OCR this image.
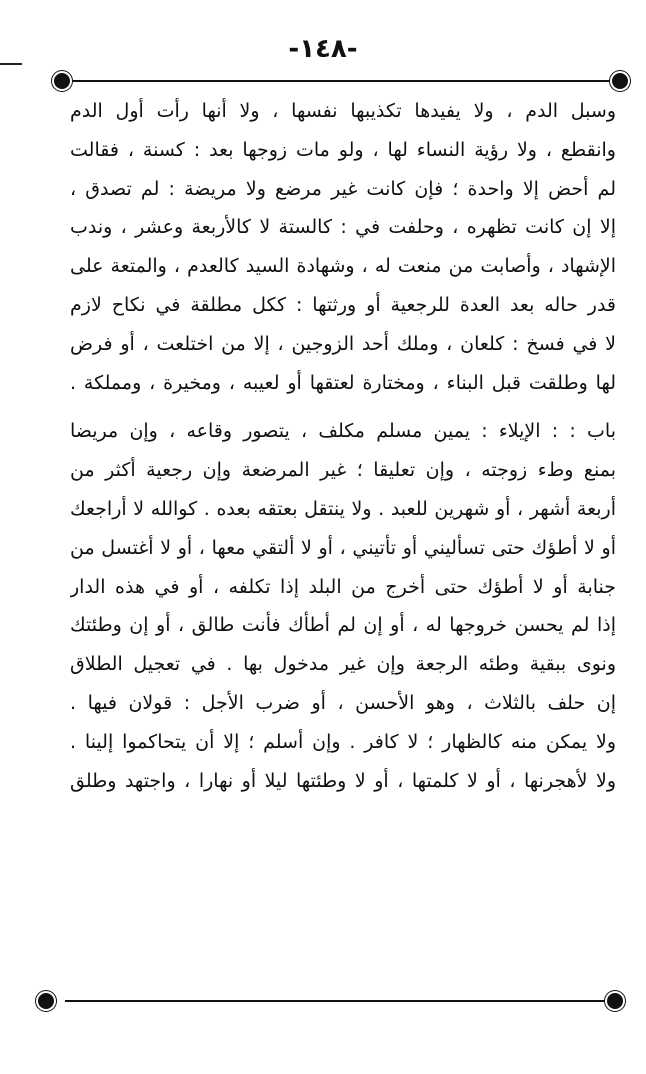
-١٤٨-
وسبل الدم ، ولا يفيدها تكذيبها نفسها ، ولا أنها رأت أول الدم
وانقطع ، ولا رؤية النساء لها ، ولو مات زوجها بعد : كسنة ، فقالت
لم أحض إلا واحدة ؛ فإن كانت غير مرضع ولا مريضة : لم تصدق ،
إلا إن كانت تظهره ، وحلفت في : كالستة لا كالأربعة وعشر ، وندب
الإشهاد ، وأصابت من منعت له ، وشهادة السيد كالعدم ، والمتعة على
قدر حاله بعد العدة للرجعية أو ورثتها : ككل مطلقة في نكاح لازم
لا في فسخ : كلعان ، وملك أحد الزوجين ، إلا من اختلعت ، أو فرض
لها وطلقت قبل البناء ، ومختارة لعتقها أو لعيبه ، ومخيرة ، ومملكة .
باب : : الإيلاء : يمين مسلم مكلف ، يتصور وقاعه ، وإن مريضا
بمنع وطء زوجته ، وإن تعليقا ؛ غير المرضعة وإن رجعية أكثر من
أربعة أشهر ، أو شهرين للعبد . ولا ينتقل بعتقه بعده . كوالله لا أراجعك
أو لا أطؤك حتى تسأليني أو تأتيني ، أو لا ألتقي معها ، أو لا أغتسل من
جنابة أو لا أطؤك حتى أخرج من البلد إذا تكلفه ، أو في هذه الدار
إذا لم يحسن خروجها له ، أو إن لم أطأك فأنت طالق ، أو إن وطئتك
ونوى ببقية وطئه الرجعة وإن غير مدخول بها . في تعجيل الطلاق
إن حلف بالثلاث ، وهو الأحسن ، أو ضرب الأجل : قولان فيها .
ولا يمكن منه كالظهار ؛ لا كافر . وإن أسلم ؛ إلا أن يتحاكموا إلينا .
ولا لأهجرنها ، أو لا كلمتها ، أو لا وطئتها ليلا أو نهارا ، واجتهد وطلق
